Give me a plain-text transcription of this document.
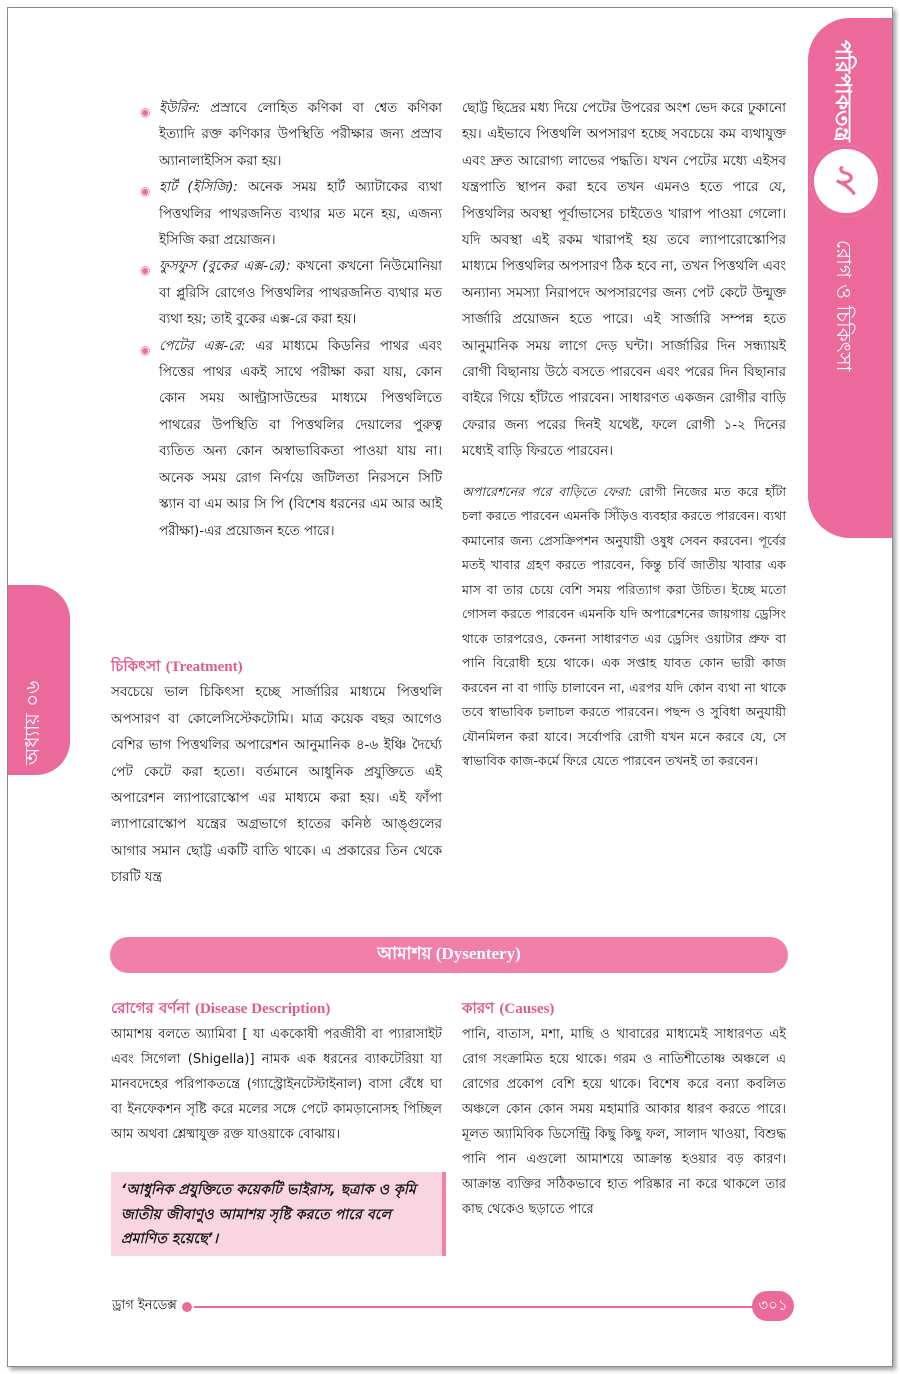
পরিপাকতন্ত্র
২
রোগ ও চিকিৎসা
অধ্যায় ০৬
◉ ইউরিন: প্রস্রাবে লোহিত কণিকা বা শ্বেত কণিকা ইত্যাদি রক্ত কণিকার উপস্থিতি পরীক্ষার জন্য প্রস্রাব অ্যানালাইসিস করা হয়।
◉ হার্ট (ইসিজি): অনেক সময় হার্ট অ্যাটাকের ব্যথা পিত্তথলির পাথরজনিত ব্যথার মত মনে হয়, এজন্য ইসিজি করা প্রয়োজন।
◉ ফুসফুস (বুকের এক্স-রে): কখনো কখনো নিউমোনিয়া বা প্লুরিসি রোগেও পিত্তথলির পাথরজনিত ব্যথার মত ব্যথা হয়; তাই বুকের এক্স-রে করা হয়।
◉ পেটের এক্স-রে: এর মাধ্যমে কিডনির পাথর এবং পিত্তের পাথর একই সাথে পরীক্ষা করা যায়, কোন কোন সময় আল্ট্রাসাউন্ডের মাধ্যমে পিত্তথলিতে পাথরের উপস্থিতি বা পিত্তথলির দেয়ালের পুরুত্ব ব্যতিত অন্য কোন অস্বাভাবিকতা পাওয়া যায় না। অনেক সময় রোগ নির্ণয়ে জটিলতা নিরসনে সিটি স্ক্যান বা এম আর সি পি (বিশেষ ধরনের এম আর আই পরীক্ষা)-এর প্রয়োজন হতে পারে।
চিকিৎসা (Treatment)

সবচেয়ে ভাল চিকিৎসা হচ্ছে সার্জারির মাধ্যমে পিত্তথলি অপসারণ বা কোলেসিস্টেকটোমি। মাত্র কয়েক বছর আগেও বেশির ভাগ পিত্তথলির অপারেশন আনুমানিক ৪-৬ ইঞ্চি দৈর্ঘ্যে পেট কেটে করা হতো। বর্তমানে আধুনিক প্রযুক্তিতে এই অপারেশন ল্যাপারোস্কোপ এর মাধ্যমে করা হয়। এই ফাঁপা ল্যাপারোস্কোপ যন্ত্রের অগ্রভাগে হাতের কনিষ্ঠ আঙ্গুলের আগার সমান ছোট্ট একটি বাতি থাকে। এ প্রকারের তিন থেকে চারটি যন্ত্র

ছোট্ট ছিদ্রের মধ্য দিয়ে পেটের উপরের অংশ ভেদ করে ঢুকানো হয়। এইভাবে পিত্তথলি অপসারণ হচ্ছে সবচেয়ে কম ব্যথাযুক্ত এবং দ্রুত আরোগ্য লাভের পদ্ধতি। যখন পেটের মধ্যে এইসব যন্ত্রপাতি স্থাপন করা হবে তখন এমনও হতে পারে যে, পিত্তথলির অবস্থা পূর্বাভাসের চাইতেও খারাপ পাওয়া গেলো। যদি অবস্থা এই রকম খারাপই হয় তবে ল্যাপারোস্কোপির মাধ্যমে পিত্তথলির অপসারণ ঠিক হবে না, তখন পিত্তথলি এবং অন্যান্য সমস্যা নিরাপদে অপসারণের জন্য পেট কেটে উন্মুক্ত সার্জারি প্রয়োজন হতে পারে। এই সার্জারি সম্পন্ন হতে আনুমানিক সময় লাগে দেড় ঘন্টা। সার্জারির দিন সন্ধ্যায়ই রোগী বিছানায় উঠে বসতে পারবেন এবং পরের দিন বিছানার বাইরে গিয়ে হাঁটতে পারবেন। সাধারণত একজন রোগীর বাড়ি ফেরার জন্য পরের দিনই যথেষ্ট, ফলে রোগী ১-২ দিনের মধ্যেই বাড়ি ফিরতে পারবেন।

অপারেশনের পরে বাড়িতে ফেরা: রোগী নিজের মত করে হাঁটা চলা করতে পারবেন এমনকি সিঁড়িও ব্যবহার করতে পারবেন। ব্যথা কমানোর জন্য প্রেসক্রিপশন অনুযায়ী ওষুধ সেবন করবেন। পূর্বের মতই খাবার গ্রহণ করতে পারবেন, কিন্তু চর্বি জাতীয় খাবার এক মাস বা তার চেয়ে বেশি সময় পরিত্যাগ করা উচিত। ইচ্ছে মতো গোসল করতে পারবেন এমনকি যদি অপারেশনের জায়গায় ড্রেসিং থাকে তারপরেও, কেননা সাধারণত এর ড্রেসিং ওয়াটার প্রুফ বা পানি বিরোধী হয়ে থাকে। এক সপ্তাহ যাবত কোন ভারী কাজ করবেন না বা গাড়ি চালাবেন না, এরপর যদি কোন ব্যথা না থাকে তবে স্বাভাবিক চলাচল করতে পারবেন। পছন্দ ও সুবিধা অনুযায়ী যৌনমিলন করা যাবে। সর্বোপরি রোগী যখন মনে করবে যে, সে স্বাভাবিক কাজ-কর্মে ফিরে যেতে পারবেন তখনই তা করবেন।

আমাশয় (Dysentery)
রোগের বর্ণনা (Disease Description)

আমাশয় বলতে অ্যামিবা [ যা এককোষী পরজীবী বা প্যারাসাইট এবং সিগেলা (Shigella)] নামক এক ধরনের ব্যাকটেরিয়া যা মানবদেহের পরিপাকতন্ত্রে (গ্যাস্ট্রোইনটেস্টাইনাল) বাসা বেঁধে ঘা বা ইনফেকশন সৃষ্টি করে মলের সঙ্গে পেটে কামড়ানোসহ পিচ্ছিল আম অথবা শ্লেষ্মাযুক্ত রক্ত যাওয়াকে বোঝায়।

‘আধুনিক প্রযুক্তিতে কয়েকটি ভাইরাস, ছত্রাক ও কৃমি জাতীয় জীবাণুও আমাশয় সৃষ্টি করতে পারে বলে প্রমাণিত হয়েছে’।

কারণ (Causes)

পানি, বাতাস, মশা, মাছি ও খাবারের মাধ্যমেই সাধারণত এই রোগ সংক্রামিত হয়ে থাকে। গরম ও নাতিশীতোষ্ণ অঞ্চলে এ রোগের প্রকোপ বেশি হয়ে থাকে। বিশেষ করে বন্যা কবলিত অঞ্চলে কোন কোন সময় মহামারি আকার ধারণ করতে পারে। মূলত অ্যামিবিক ডিসেন্ট্রি কিছু কিছু ফল, সালাদ খাওয়া, বিশুদ্ধ পানি পান এগুলো আমাশয়ে আক্রান্ত হওয়ার বড় কারণ। আক্রান্ত ব্যক্তির সঠিকভাবে হাত পরিষ্কার না করে থাকলে তার কাছ থেকেও ছড়াতে পারে

ড্রাগ ইনডেক্স	৩০১
